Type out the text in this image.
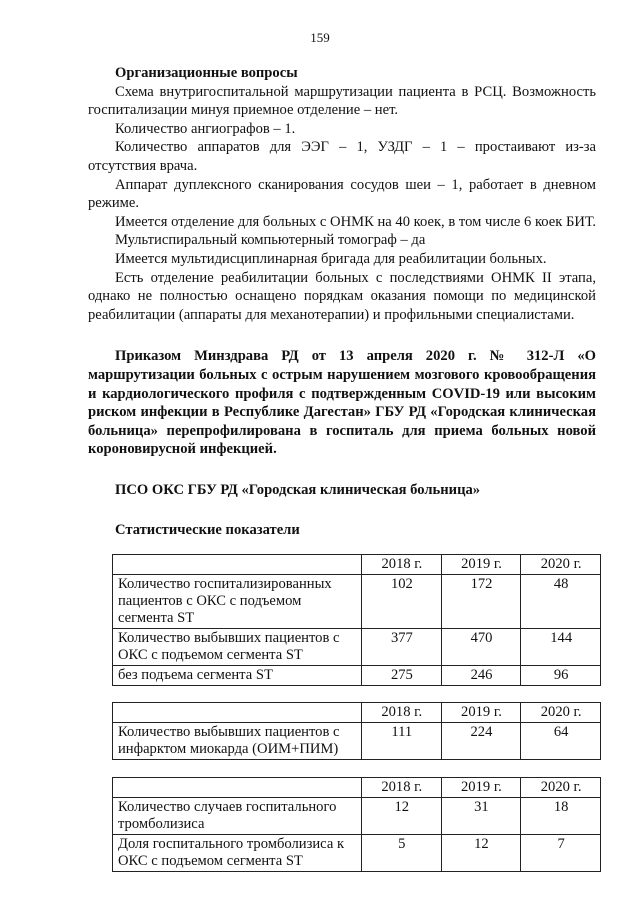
159

Организационные вопросы

Схема внутригоспитальной маршрутизации пациента в РСЦ. Возможность госпитализации минуя приемное отделение – нет.

Количество ангиографов – 1.

Количество аппаратов для ЭЭГ – 1, УЗДГ – 1 – простаивают из-за отсутствия врача.

Аппарат дуплексного сканирования сосудов шеи – 1, работает в дневном режиме.

Имеется отделение для больных с ОНМК на 40 коек, в том числе 6 коек БИТ.

Мультиспиральный компьютерный томограф – да

Имеется мультидисциплинарная бригада для реабилитации больных.

Есть отделение реабилитации больных с последствиями ОНМК II этапа, однако не полностью оснащено порядкам оказания помощи по медицинской реабилитации (аппараты для механотерапии) и профильными специалистами.

Приказом Минздрава РД от 13 апреля 2020 г. № 312-Л «О маршрутизации больных с острым нарушением мозгового кровообращения и кардиологического профиля с подтвержденным COVID-19 или высоким риском инфекции в Республике Дагестан» ГБУ РД «Городская клиническая больница» перепрофилирована в госпиталь для приема больных новой короновирусной инфекцией.

ПСО ОКС ГБУ РД «Городская клиническая больница»

Статистические показатели

	2018 г.	2019 г.	2020 г.
Количество госпитализированных пациентов с ОКС с подъемом сегмента ST	102	172	48
Количество выбывших пациентов с ОКС с подъемом сегмента ST	377	470	144
без подъема сегмента ST	275	246	96
	2018 г.	2019 г.	2020 г.
Количество выбывших пациентов с инфарктом миокарда (ОИМ+ПИМ)	111	224	64
	2018 г.	2019 г.	2020 г.
Количество случаев госпитального тромболизиса	12	31	18
Доля госпитального тромболизиса к ОКС с подъемом сегмента ST	5	12	7
